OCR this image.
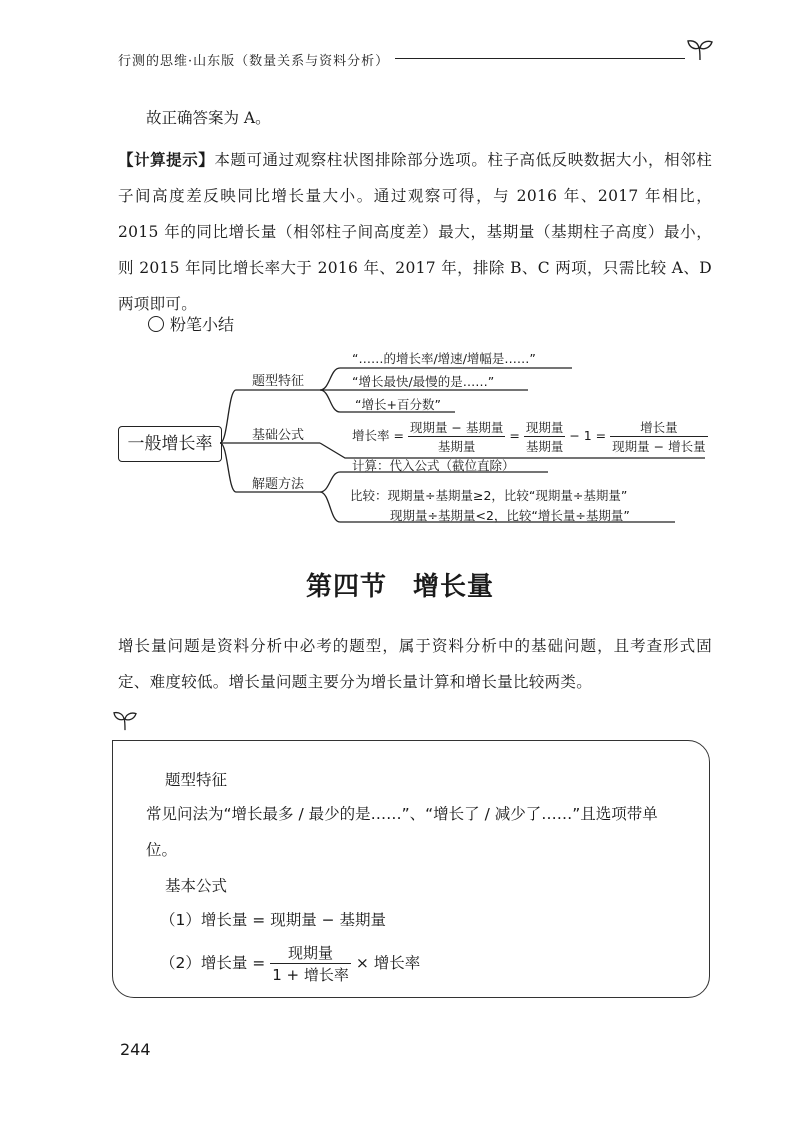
行测的思维·山东版（数量关系与资料分析）
故正确答案为 A。
【计算提示】本题可通过观察柱状图排除部分选项。柱子高低反映数据大小，相邻柱子间高度差反映同比增长量大小。通过观察可得，与 2016 年、2017 年相比，2015 年的同比增长量（相邻柱子间高度差）最大，基期量（基期柱子高度）最小，则 2015 年同比增长率大于 2016 年、2017 年，排除 B、C 两项，只需比较 A、D 两项即可。
粉笔小结
一般增长率
题型特征
基础公式
解题方法
“……的增长率/增速/增幅是……”
“增长最快/最慢的是……”
“增长+百分数”
增长率 = $\frac{\text{现期量 − 基期量}}{\text{基期量}} = \frac{\text{现期量}}{\text{基期量}} - 1 = \frac{\text{增长量}}{\text{现期量 − 增长量}}$
计算：代入公式（截位直除）
比较：现期量÷基期量≥2，比较“现期量÷基期量”
现期量÷基期量<2，比较“增长量÷基期量”
第四节 增长量
增长量问题是资料分析中必考的题型，属于资料分析中的基础问题，且考查形式固定、难度较低。增长量问题主要分为增长量计算和增长量比较两类。
题型特征
常见问法为“增长最多 / 最少的是……”、“增长了 / 减少了……”且选项带单位。
基本公式
（1）增长量 = 现期量 − 基期量
（2）增长量 = $\frac{\text{现期量}}{\text{1 + 增长率}}$ × 增长率
244
